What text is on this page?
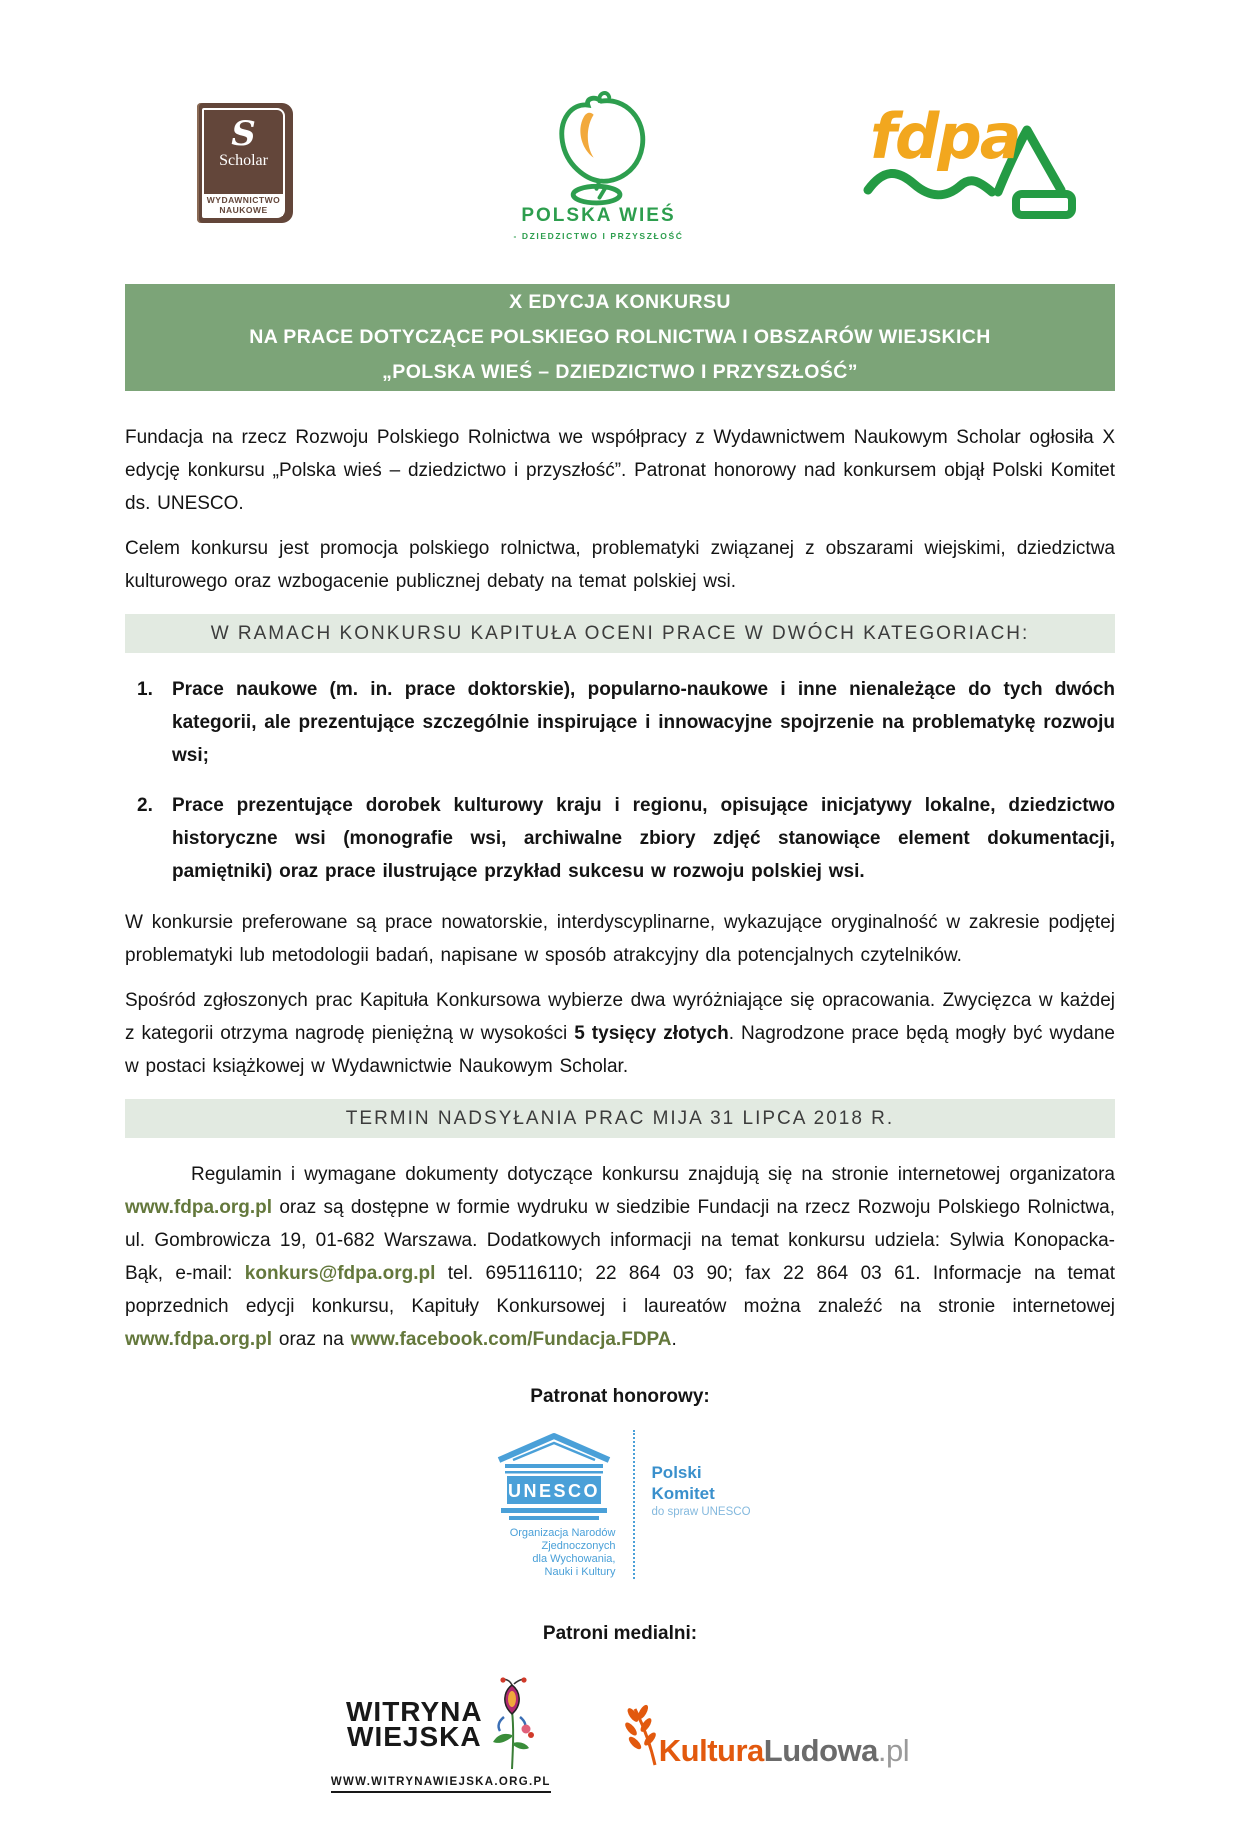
S
Scholar
WYDAWNICTWO
NAUKOWE	POLSKA WIEŚ
- DZIEDZICTWO I PRZYSZŁOŚĆ
fdpa
X EDYCJA KONKURSU
NA PRACE DOTYCZĄCE POLSKIEGO ROLNICTWA I OBSZARÓW WIEJSKICH
„POLSKA WIEŚ – DZIEDZICTWO I PRZYSZŁOŚĆ”

Fundacja na rzecz Rozwoju Polskiego Rolnictwa we współpracy z Wydawnictwem Naukowym Scholar ogłosiła X edycję konkursu „Polska wieś – dziedzictwo i przyszłość”. Patronat honorowy nad konkursem objął Polski Komitet ds. UNESCO.

Celem konkursu jest promocja polskiego rolnictwa, problematyki związanej z obszarami wiejskimi, dziedzictwa kulturowego oraz wzbogacenie publicznej debaty na temat polskiej wsi.

W RAMACH KONKURSU KAPITUŁA OCENI PRACE W DWÓCH KATEGORIACH:
1. Prace naukowe (m. in. prace doktorskie), popularno-naukowe i inne nienależące do tych dwóch kategorii, ale prezentujące szczególnie inspirujące i innowacyjne spojrzenie na problematykę rozwoju wsi;
2. Prace prezentujące dorobek kulturowy kraju i regionu, opisujące inicjatywy lokalne, dziedzictwo historyczne wsi (monografie wsi, archiwalne zbiory zdjęć stanowiące element dokumentacji, pamiętniki) oraz prace ilustrujące przykład sukcesu w rozwoju polskiej wsi.

W konkursie preferowane są prace nowatorskie, interdyscyplinarne, wykazujące oryginalność w zakresie podjętej problematyki lub metodologii badań, napisane w sposób atrakcyjny dla potencjalnych czytelników.

Spośród zgłoszonych prac Kapituła Konkursowa wybierze dwa wyróżniające się opracowania. Zwycięzca w każdej z kategorii otrzyma nagrodę pieniężną w wysokości 5 tysięcy złotych. Nagrodzone prace będą mogły być wydane w postaci książkowej w Wydawnictwie Naukowym Scholar.

TERMIN NADSYŁANIA PRAC MIJA 31 LIPCA 2018 R.

Regulamin i wymagane dokumenty dotyczące konkursu znajdują się na stronie internetowej organizatora www.fdpa.org.pl oraz są dostępne w formie wydruku w siedzibie Fundacji na rzecz Rozwoju Polskiego Rolnictwa, ul. Gombrowicza 19, 01-682 Warszawa. Dodatkowych informacji na temat konkursu udziela: Sylwia Konopacka-Bąk, e-mail: konkurs@fdpa.org.pl tel. 695116110; 22 864 03 90; fax 22 864 03 61. Informacje na temat poprzednich edycji konkursu, Kapituły Konkursowej i laureatów można znaleźć na stronie internetowej www.fdpa.org.pl oraz na www.facebook.com/Fundacja.FDPA.

Patronat honorowy:
UNESCO
Organizacja Narodów
Zjednoczonych
dla Wychowania,
Nauki i Kultury
Polski
Komitet
do spraw UNESCO
Patroni medialni:
WITRYNA
WIEJSKA
WWW.WITRYNAWIEJSKA.ORG.PL
KulturaLudowa.pl
